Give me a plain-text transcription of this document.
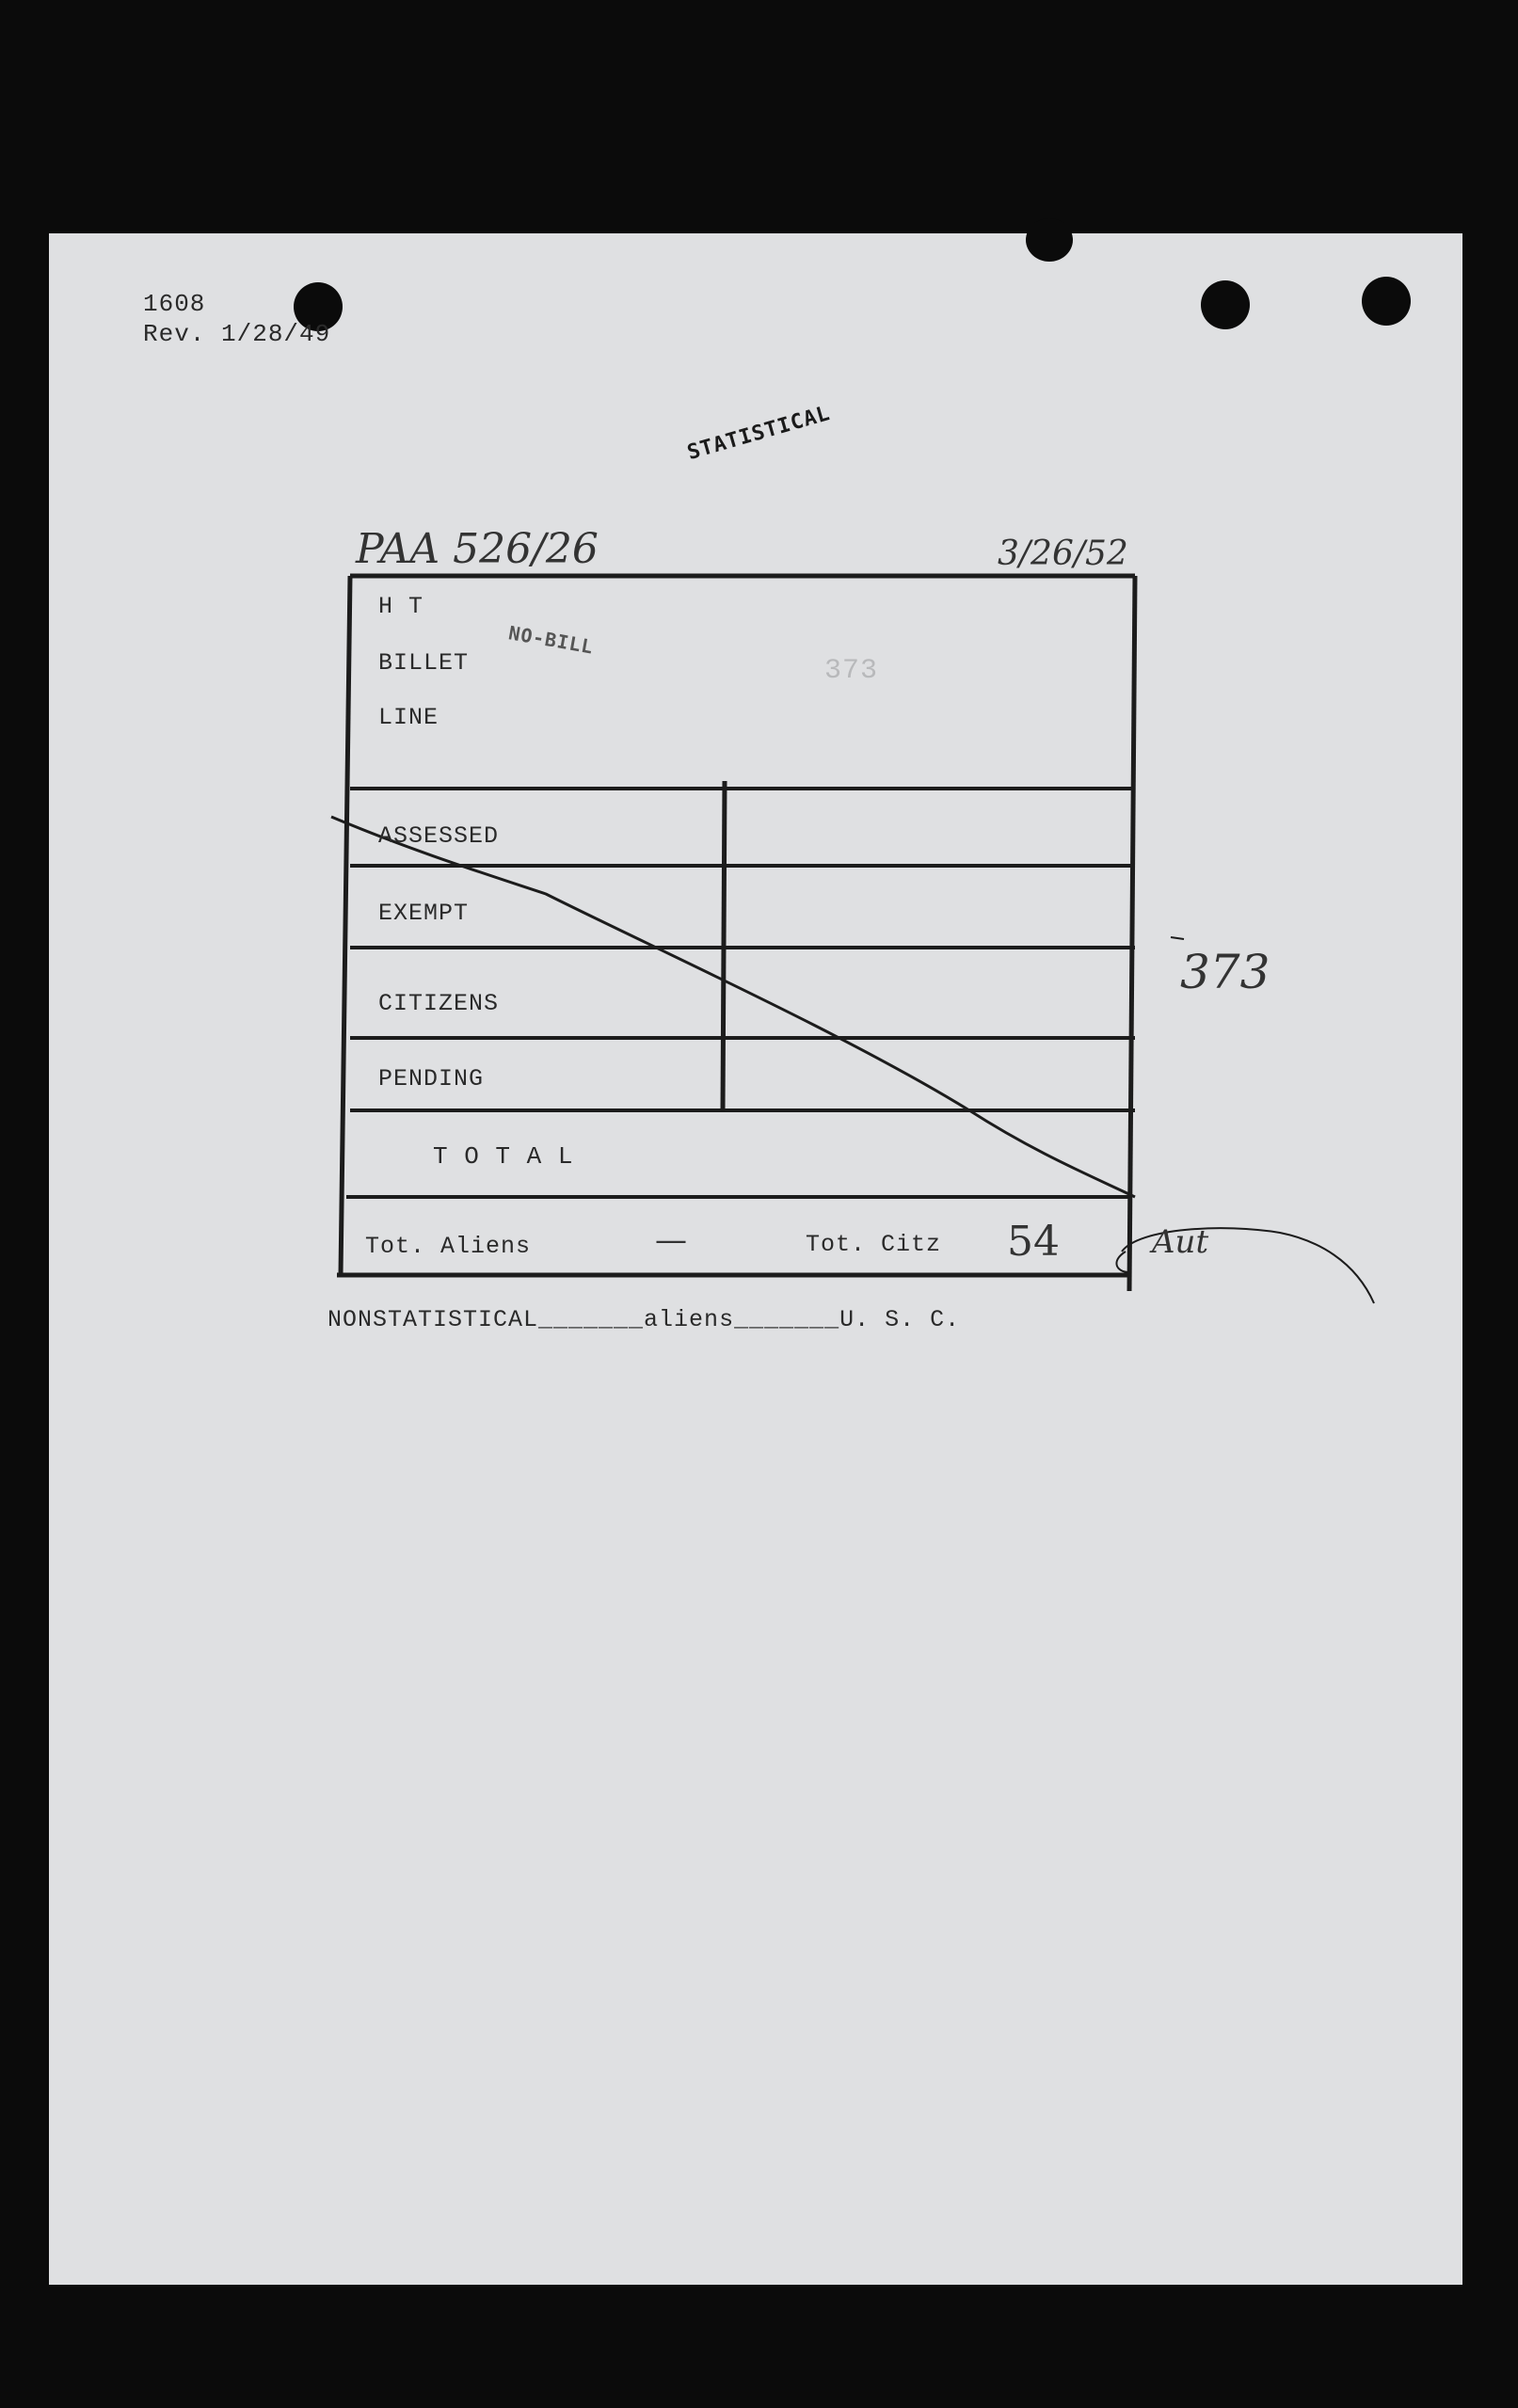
1608
Rev. 1/28/49
STATISTICAL
PAA 526/26	3/26/52
H T
BILLET
LINE
NO-BILL
373
ASSESSED
EXEMPT
CITIZENS
PENDING
T O T A L
Tot. Aliens	—	Tot. Citz 54	Aut
373
NONSTATISTICAL_______aliens_______U. S. C.
